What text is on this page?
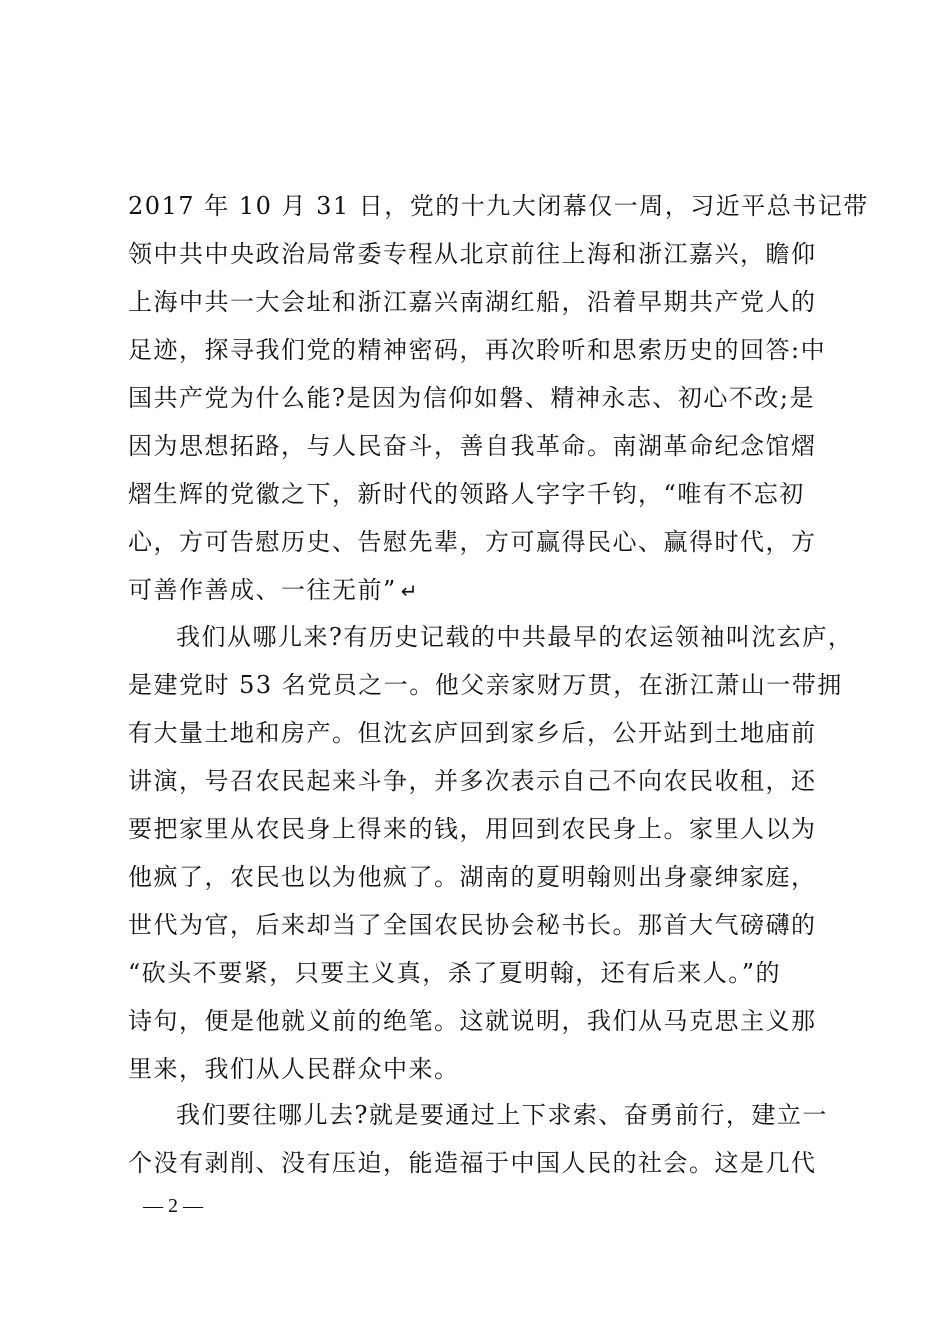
2017 年 10 月 31 日，党的十九大闭幕仅一周，习近平总书记带
领中共中央政治局常委专程从北京前往上海和浙江嘉兴，瞻仰
上海中共一大会址和浙江嘉兴南湖红船，沿着早期共产党人的
足迹，探寻我们党的精神密码，再次聆听和思索历史的回答:中
国共产党为什么能?是因为信仰如磐、精神永志、初心不改;是
因为思想拓路，与人民奋斗，善自我革命。南湖革命纪念馆熠
熠生辉的党徽之下，新时代的领路人字字千钧，“唯有不忘初
心，方可告慰历史、告慰先辈，方可赢得民心、赢得时代，方
可善作善成、一往无前” ↵
我们从哪儿来?有历史记载的中共最早的农运领袖叫沈玄庐，
是建党时 53 名党员之一。他父亲家财万贯，在浙江萧山一带拥
有大量土地和房产。但沈玄庐回到家乡后，公开站到土地庙前
讲演，号召农民起来斗争，并多次表示自己不向农民收租，还
要把家里从农民身上得来的钱，用回到农民身上。家里人以为
他疯了，农民也以为他疯了。湖南的夏明翰则出身豪绅家庭，
世代为官，后来却当了全国农民协会秘书长。那首大气磅礴的
“砍头不要紧，只要主义真，杀了夏明翰，还有后来人。”的
诗句，便是他就义前的绝笔。这就说明，我们从马克思主义那
里来，我们从人民群众中来。
我们要往哪儿去?就是要通过上下求索、奋勇前行，建立一
个没有剥削、没有压迫，能造福于中国人民的社会。这是几代
— 2 —
